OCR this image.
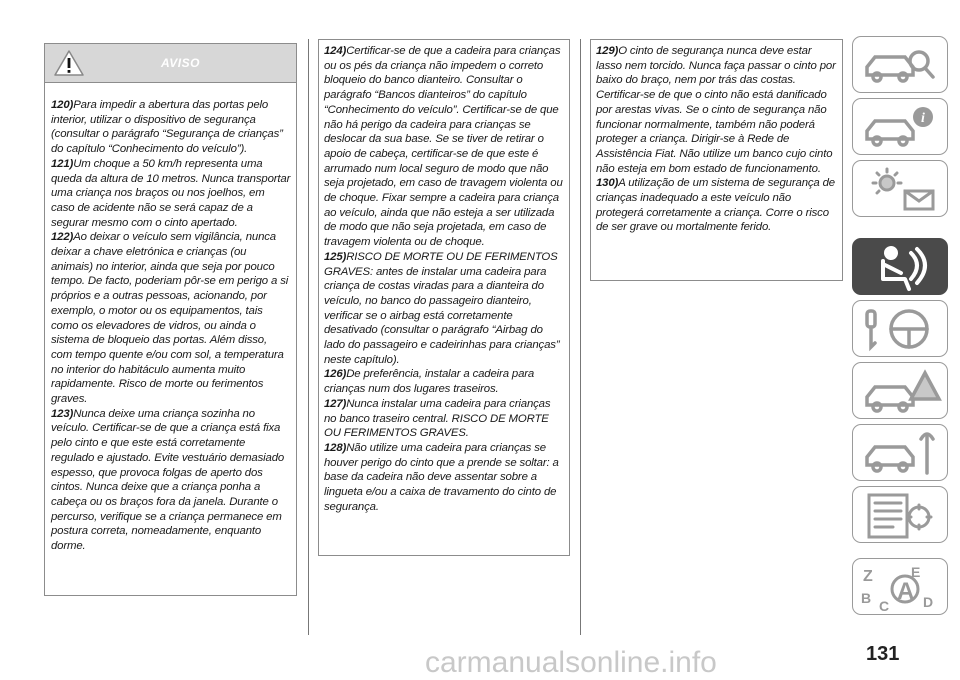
AVISO

120)Para impedir a abertura das portas pelo interior, utilizar o dispositivo de segurança (consultar o parágrafo “Segurança de crianças” do capítulo “Conhecimento do veículo”).

121)Um choque a 50 km/h representa uma queda da altura de 10 metros. Nunca transportar uma criança nos braços ou nos joelhos, em caso de acidente não se será capaz de a segurar mesmo com o cinto apertado.

122)Ao deixar o veículo sem vigilância, nunca deixar a chave eletrónica e crianças (ou animais) no interior, ainda que seja por pouco tempo. De facto, poderiam pôr-se em perigo a si próprios e a outras pessoas, acionando, por exemplo, o motor ou os equipamentos, tais como os elevadores de vidros, ou ainda o sistema de bloqueio das portas. Além disso, com tempo quente e/ou com sol, a temperatura no interior do habitáculo aumenta muito rapidamente. Risco de morte ou ferimentos graves.

123)Nunca deixe uma criança sozinha no veículo. Certificar-se de que a criança está fixa pelo cinto e que este está corretamente regulado e ajustado. Evite vestuário demasiado espesso, que provoca folgas de aperto dos cintos. Nunca deixe que a criança ponha a cabeça ou os braços fora da janela. Durante o percurso, verifique se a criança permanece em postura correta, nomeadamente, enquanto dorme.

124)Certificar-se de que a cadeira para crianças ou os pés da criança não impedem o correto bloqueio do banco dianteiro. Consultar o parágrafo “Bancos dianteiros” do capítulo “Conhecimento do veículo”. Certificar-se de que não há perigo da cadeira para crianças se deslocar da sua base. Se se tiver de retirar o apoio de cabeça, certificar-se de que este é arrumado num local seguro de modo que não seja projetado, em caso de travagem violenta ou de choque. Fixar sempre a cadeira para criança ao veículo, ainda que não esteja a ser utilizada de modo que não seja projetada, em caso de travagem violenta ou de choque.

125)RISCO DE MORTE OU DE FERIMENTOS GRAVES: antes de instalar uma cadeira para criança de costas viradas para a dianteira do veículo, no banco do passageiro dianteiro, verificar se o airbag está corretamente desativado (consultar o parágrafo “Airbag do lado do passageiro e cadeirinhas para crianças” neste capítulo).

126)De preferência, instalar a cadeira para crianças num dos lugares traseiros.

127)Nunca instalar uma cadeira para crianças no banco traseiro central. RISCO DE MORTE OU FERIMENTOS GRAVES.

128)Não utilize uma cadeira para crianças se houver perigo do cinto que a prende se soltar: a base da cadeira não deve assentar sobre a lingueta e/ou a caixa de travamento do cinto de segurança.

129)O cinto de segurança nunca deve estar lasso nem torcido. Nunca faça passar o cinto por baixo do braço, nem por trás das costas. Certificar-se de que o cinto não está danificado por arestas vivas. Se o cinto de segurança não funcionar normalmente, também não poderá proteger a criança. Dirigir-se à Rede de Assistência Fiat. Não utilize um banco cujo cinto não esteja em bom estado de funcionamento.

130)A utilização de um sistema de segurança de crianças inadequado a este veículo não protegerá corretamente a criança. Corre o risco de ser grave ou mortalmente ferido.

i
Z	E
B C
A D
carmanualsonline.info	131
